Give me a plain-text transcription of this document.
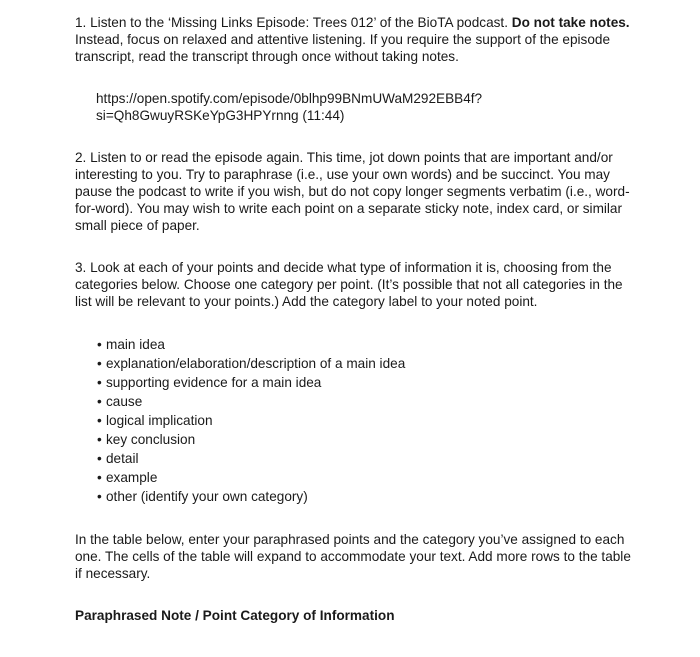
1. Listen to the ‘Missing Links Episode: Trees 012’ of the BioTA podcast. Do not take notes. Instead, focus on relaxed and attentive listening. If you require the support of the episode transcript, read the transcript through once without taking notes.

https://open.spotify.com/episode/0blhp99BNmUWaM292EBB4f?
si=Qh8GwuyRSKeYpG3HPYrnng (11:44)

2. Listen to or read the episode again. This time, jot down points that are important and/or interesting to you. Try to paraphrase (i.e., use your own words) and be succinct. You may pause the podcast to write if you wish, but do not copy longer segments verbatim (i.e., word-for-word). You may wish to write each point on a separate sticky note, index card, or similar small piece of paper.

3. Look at each of your points and decide what type of information it is, choosing from the categories below. Choose one category per point. (It’s possible that not all categories in the list will be relevant to your points.) Add the category label to your noted point.

• main idea
• explanation/elaboration/description of a main idea
• supporting evidence for a main idea
• cause
• logical implication
• key conclusion
• detail
• example
• other (identify your own category)

In the table below, enter your paraphrased points and the category you’ve assigned to each one. The cells of the table will expand to accommodate your text. Add more rows to the table if necessary.

Paraphrased Note / Point Category of Information
